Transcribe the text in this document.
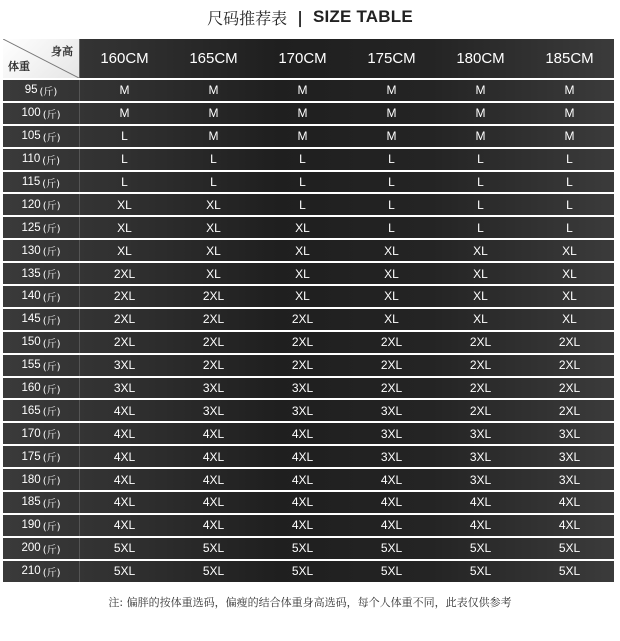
尺码推荐表 | SIZE TABLE
身高
体重	160CM	165CM	170CM	175CM	180CM	185CM
95 (斤)	M	M	M	M	M	M
100 (斤)	M	M	M	M	M	M
105 (斤)	L	M	M	M	M	M
110 (斤)	L	L	L	L	L	L
115 (斤)	L	L	L	L	L	L
120 (斤)	XL	XL	L	L	L	L
125 (斤)	XL	XL	XL	L	L	L
130 (斤)	XL	XL	XL	XL	XL	XL
135 (斤)	2XL	XL	XL	XL	XL	XL
140 (斤)	2XL	2XL	XL	XL	XL	XL
145 (斤)	2XL	2XL	2XL	XL	XL	XL
150 (斤)	2XL	2XL	2XL	2XL	2XL	2XL
155 (斤)	3XL	2XL	2XL	2XL	2XL	2XL
160 (斤)	3XL	3XL	3XL	2XL	2XL	2XL
165 (斤)	4XL	3XL	3XL	3XL	2XL	2XL
170 (斤)	4XL	4XL	4XL	3XL	3XL	3XL
175 (斤)	4XL	4XL	4XL	3XL	3XL	3XL
180 (斤)	4XL	4XL	4XL	4XL	3XL	3XL
185 (斤)	4XL	4XL	4XL	4XL	4XL	4XL
190 (斤)	4XL	4XL	4XL	4XL	4XL	4XL
200 (斤)	5XL	5XL	5XL	5XL	5XL	5XL
210 (斤)	5XL	5XL	5XL	5XL	5XL	5XL
注: 偏胖的按体重选码，偏瘦的结合体重身高选码，每个人体重不同，此表仅供参考
